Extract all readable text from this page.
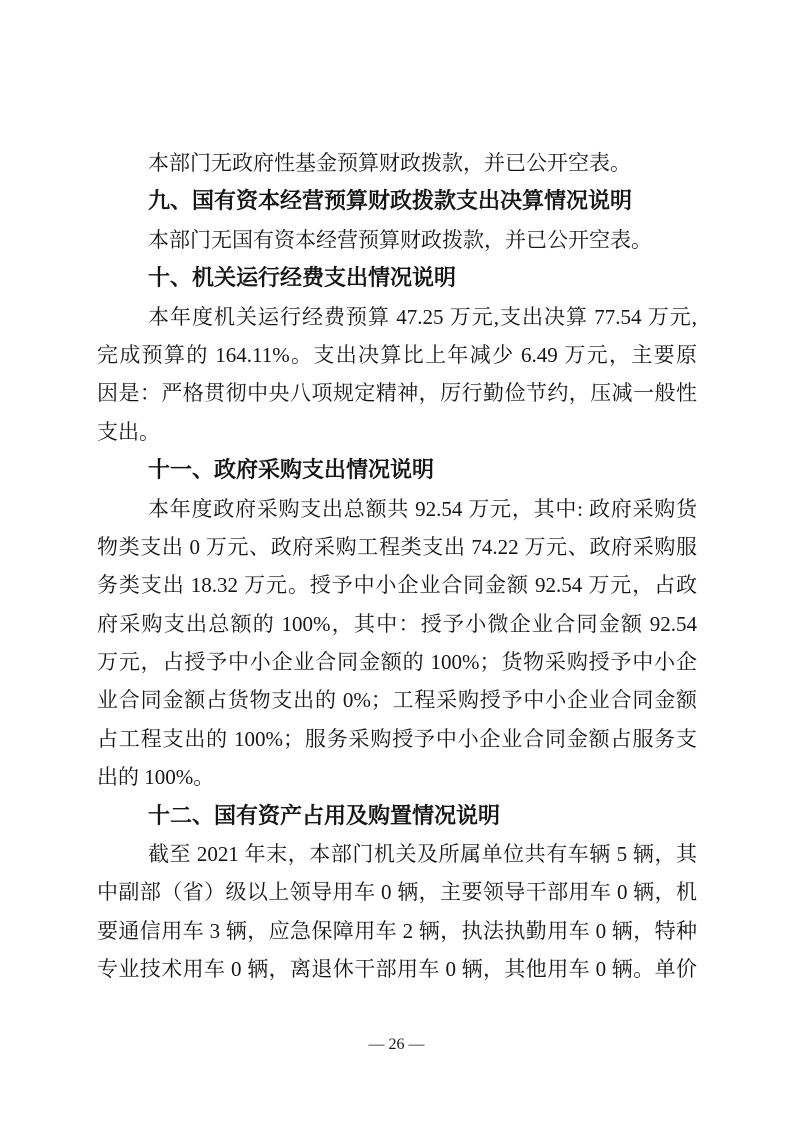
本部门无政府性基金预算财政拨款，并已公开空表。
九、国有资本经营预算财政拨款支出决算情况说明
本部门无国有资本经营预算财政拨款，并已公开空表。
十、机关运行经费支出情况说明
本年度机关运行经费预算 47.25 万元,支出决算 77.54 万元,
完成预算的 164.11%。支出决算比上年减少 6.49 万元，主要原
因是：严格贯彻中央八项规定精神，厉行勤俭节约，压减一般性
支出。
十一、政府采购支出情况说明
本年度政府采购支出总额共 92.54 万元，其中: 政府采购货
物类支出 0 万元、政府采购工程类支出 74.22 万元、政府采购服
务类支出 18.32 万元。授予中小企业合同金额 92.54 万元，占政
府采购支出总额的 100%，其中：授予小微企业合同金额 92.54
万元，占授予中小企业合同金额的 100%；货物采购授予中小企
业合同金额占货物支出的 0%；工程采购授予中小企业合同金额
占工程支出的 100%；服务采购授予中小企业合同金额占服务支
出的 100%。
十二、国有资产占用及购置情况说明
截至 2021 年末，本部门机关及所属单位共有车辆 5 辆，其
中副部（省）级以上领导用车 0 辆，主要领导干部用车 0 辆，机
要通信用车 3 辆，应急保障用车 2 辆，执法执勤用车 0 辆，特种
专业技术用车 0 辆，离退休干部用车 0 辆，其他用车 0 辆。单价
— 26 —
